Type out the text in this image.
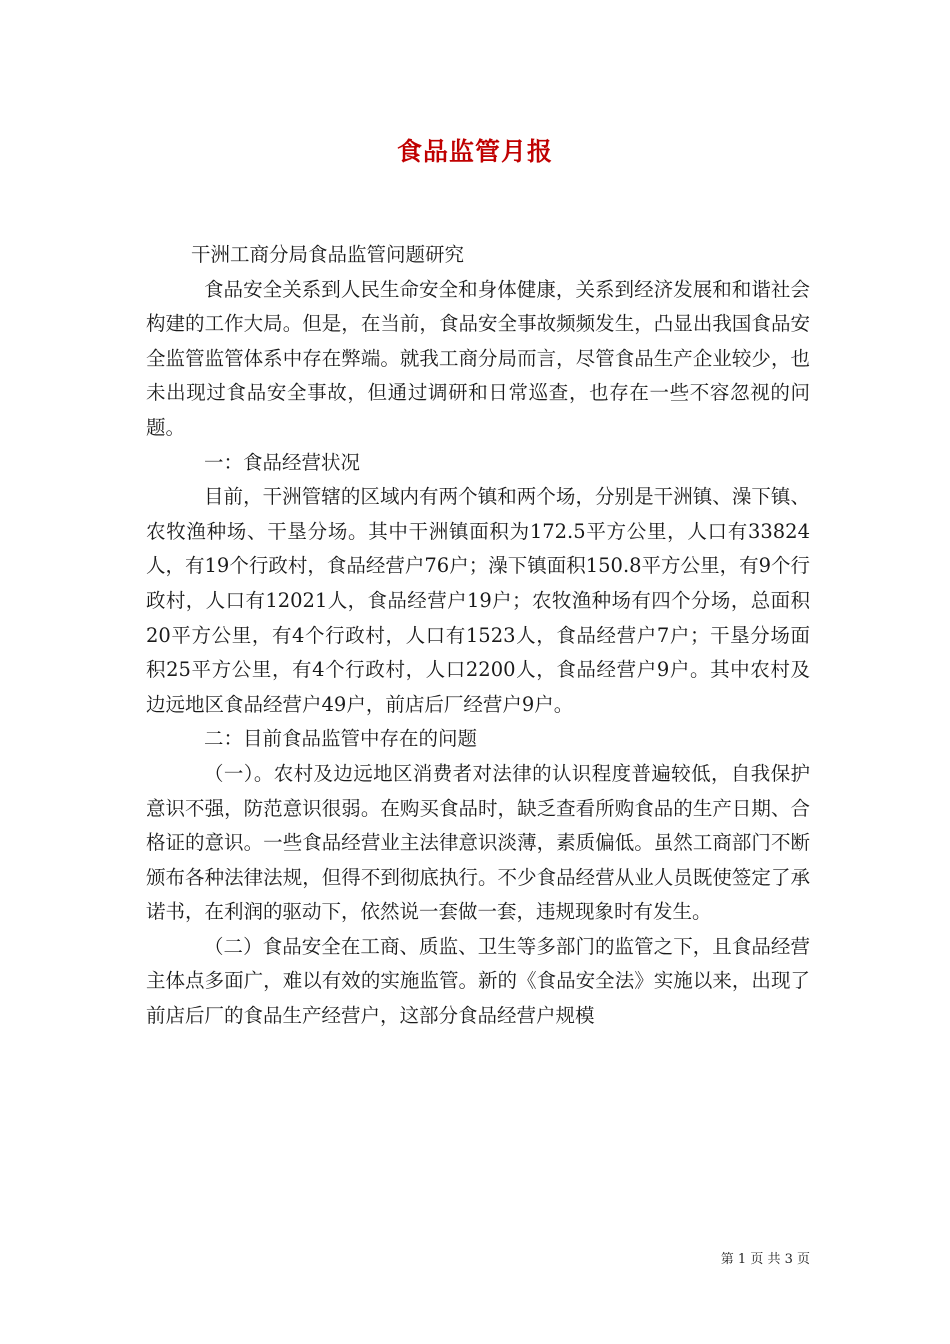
食品监管月报

干洲工商分局食品监管问题研究

食品安全关系到人民生命安全和身体健康，关系到经济发展和和谐社会构建的工作大局。但是，在当前，食品安全事故频频发生，凸显出我国食品安全监管监管体系中存在弊端。就我工商分局而言，尽管食品生产企业较少，也未出现过食品安全事故，但通过调研和日常巡查，也存在一些不容忽视的问题。

一：食品经营状况

目前，干洲管辖的区域内有两个镇和两个场，分别是干洲镇、澡下镇、农牧渔种场、干垦分场。其中干洲镇面积为172.5平方公里，人口有33824人，有19个行政村，食品经营户76户；澡下镇面积150.8平方公里，有9个行政村，人口有12021人，食品经营户19户；农牧渔种场有四个分场，总面积20平方公里，有4个行政村，人口有1523人，食品经营户7户；干垦分场面积25平方公里，有4个行政村，人口2200人，食品经营户9户。其中农村及边远地区食品经营户49户，前店后厂经营户9户。

二：目前食品监管中存在的问题

（一）。农村及边远地区消费者对法律的认识程度普遍较低，自我保护意识不强，防范意识很弱。在购买食品时，缺乏查看所购食品的生产日期、合格证的意识。一些食品经营业主法律意识淡薄，素质偏低。虽然工商部门不断颁布各种法律法规，但得不到彻底执行。不少食品经营从业人员既使签定了承诺书，在利润的驱动下，依然说一套做一套，违规现象时有发生。

（二）食品安全在工商、质监、卫生等多部门的监管之下，且食品经营主体点多面广，难以有效的实施监管。新的《食品安全法》实施以来，出现了前店后厂的食品生产经营户，这部分食品经营户规模

第 1 页 共 3 页
